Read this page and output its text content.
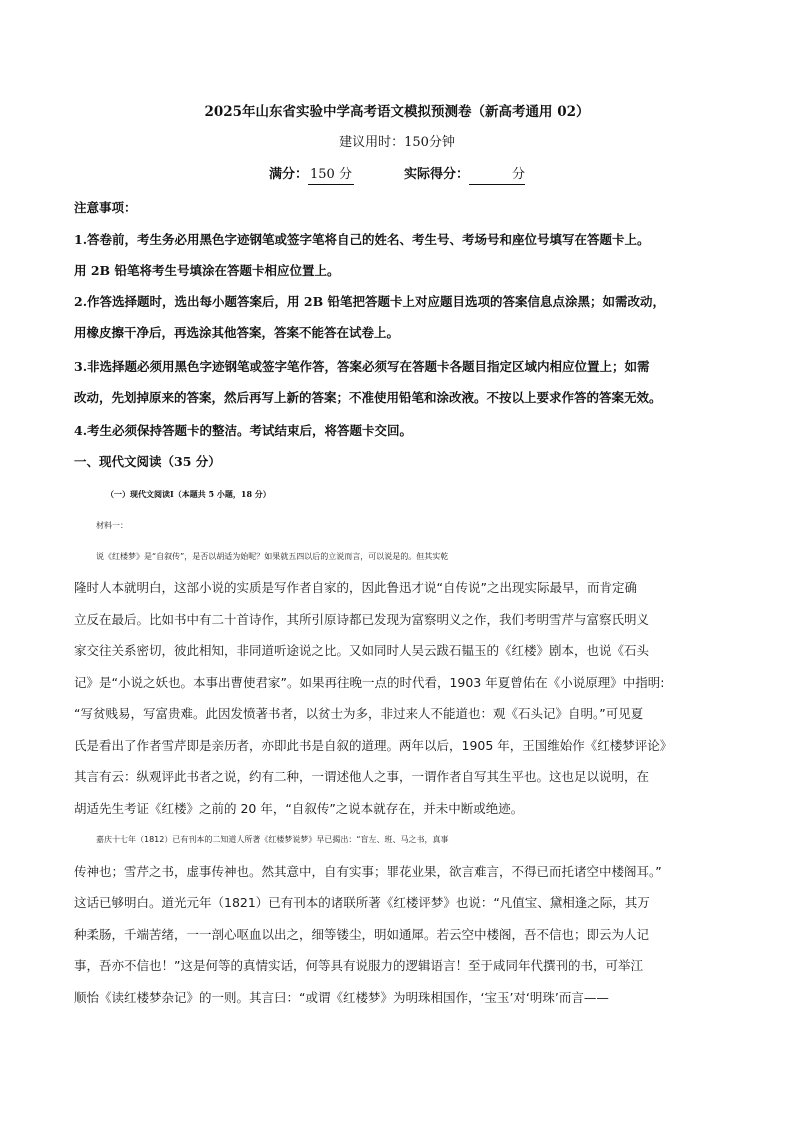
2025年山东省实验中学高考语文模拟预测卷（新高考通用 02）
建议用时：150分钟
满分： 150 分	实际得分：	分
注意事项：
1.答卷前，考生务必用黑色字迹钢笔或签字笔将自己的姓名、考生号、考场号和座位号填写在答题卡上。
用 2B 铅笔将考生号填涂在答题卡相应位置上。
2.作答选择题时，选出每小题答案后，用 2B 铅笔把答题卡上对应题目选项的答案信息点涂黑；如需改动，
用橡皮擦干净后，再选涂其他答案，答案不能答在试卷上。
3.非选择题必须用黑色字迹钢笔或签字笔作答，答案必须写在答题卡各题目指定区域内相应位置上；如需
改动，先划掉原来的答案，然后再写上新的答案；不准使用铅笔和涂改液。不按以上要求作答的答案无效。
4.考生必须保持答题卡的整洁。考试结束后，将答题卡交回。
一、现代文阅读（35 分）
（一）现代文阅读Ⅰ（本题共 5 小题，18 分）
材料一：
说《红楼梦》是“自叙传”，是否以胡适为始呢？如果就五四以后的立说而言，可以说是的。但其实乾
隆时人本就明白，这部小说的实质是写作者自家的，因此鲁迅才说“自传说”之出现实际最早，而肯定确
立反在最后。比如书中有二十首诗作，其所引原诗都已发现为富察明义之作，我们考明雪芹与富察氏明义
家交往关系密切，彼此相知，非同道听途说之比。又如同时人吴云跋石韫玉的《红楼》剧本，也说《石头
记》是“小说之妖也。本事出曹使君家”。如果再往晚一点的时代看，1903 年夏曾佑在《小说原理》中指明:
“写贫贱易，写富贵难。此因发愤著书者，以贫士为多，非过来人不能道也：观《石头记》自明。”可见夏
氏是看出了作者雪芹即是亲历者，亦即此书是自叙的道理。两年以后，1905 年，王国维始作《红楼梦评论》
其言有云：纵观评此书者之说，约有二种，一谓述他人之事，一谓作者自写其生平也。这也足以说明，在
胡适先生考证《红楼》之前的 20 年，“自叙传”之说本就存在，并未中断或绝迹。
嘉庆十七年（1812）已有刊本的二知道人所著《红楼梦说梦》早已揭出：“盲左、班、马之书，真事
传神也；雪芹之书，虚事传神也。然其意中，自有实事；罪花业果，欲言难言，不得已而托诸空中楼阁耳。”
这话已够明白。道光元年（1821）已有刊本的诸联所著《红楼评梦》也说：“凡值宝、黛相逢之际，其万
种柔肠，千端苦绪，一一剖心呕血以出之，细等镂尘，明如通犀。若云空中楼阁，吾不信也；即云为人记
事，吾亦不信也！”这是何等的真情实话，何等具有说服力的逻辑语言！至于咸同年代撰刊的书，可举江
顺怡《读红楼梦杂记》的一则。其言曰：“或谓《红楼梦》为明珠相国作，‘宝玉’对‘明珠’而言——
